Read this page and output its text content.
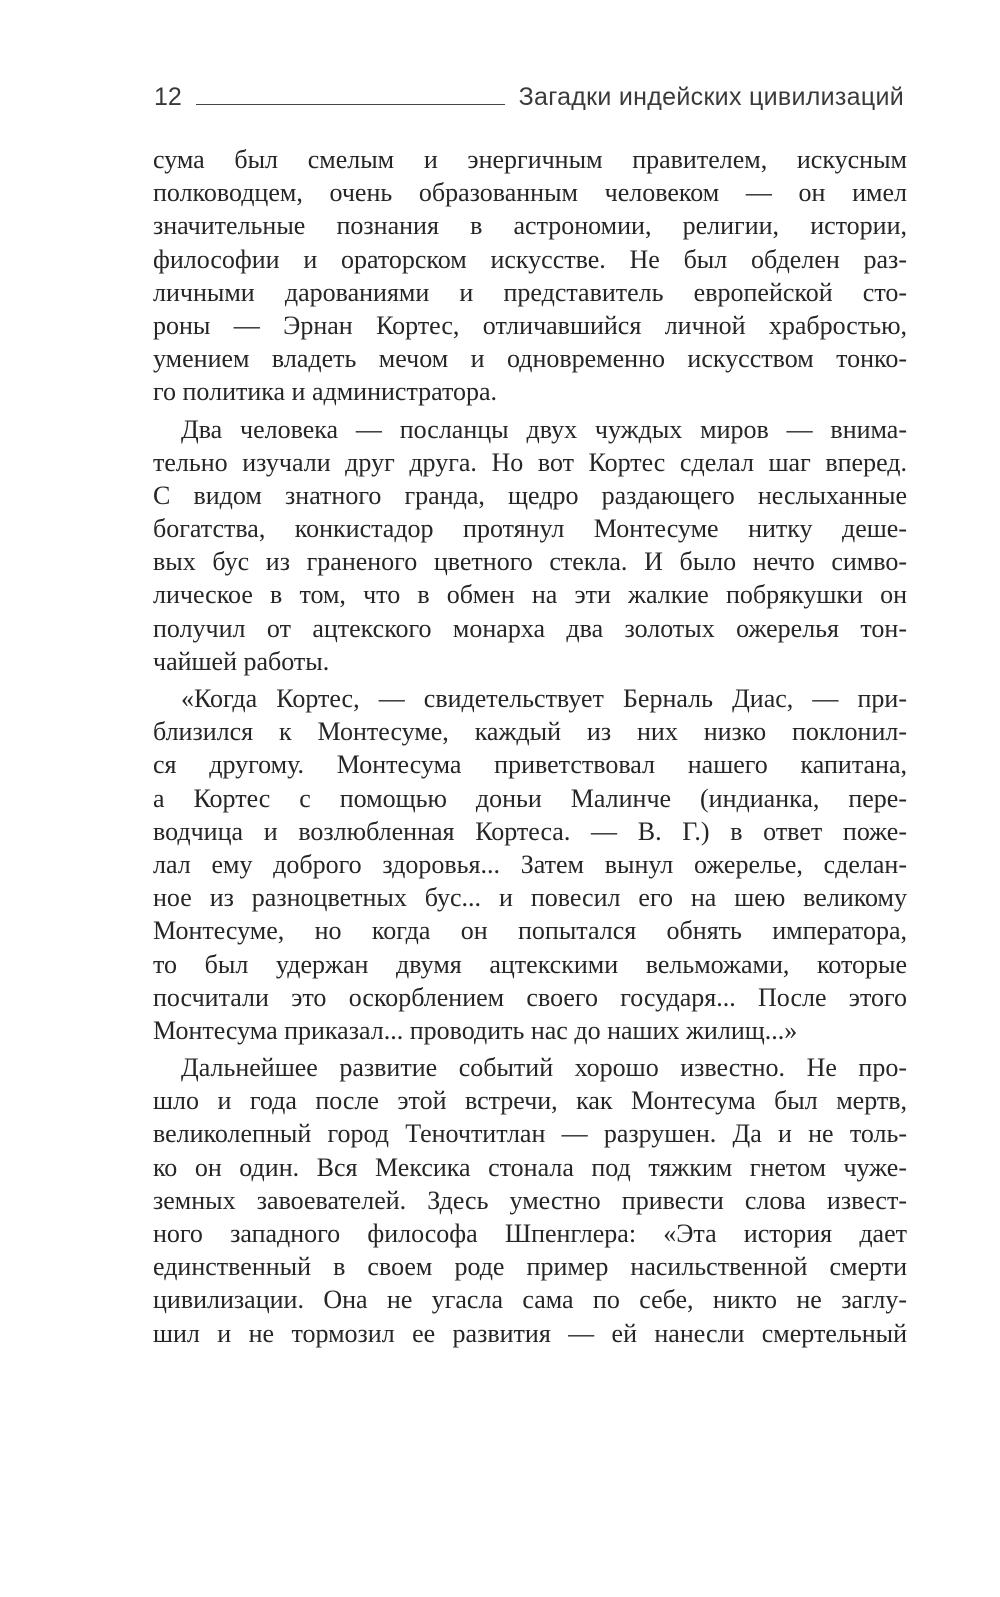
12	Загадки индейских цивилизаций
сума был смелым и энергичным правителем, искусным
полководцем, очень образованным человеком — он имел
значительные познания в астрономии, религии, истории,
философии и ораторском искусстве. Не был обделен раз-
личными дарованиями и представитель европейской сто-
роны — Эрнан Кортес, отличавшийся личной храбростью,
умением владеть мечом и одновременно искусством тонко-
го политика и администратора.
Два человека — посланцы двух чуждых миров — внима-
тельно изучали друг друга. Но вот Кортес сделал шаг вперед.
С видом знатного гранда, щедро раздающего неслыханные
богатства, конкистадор протянул Монтесуме нитку деше-
вых бус из граненого цветного стекла. И было нечто симво-
лическое в том, что в обмен на эти жалкие побрякушки он
получил от ацтекского монарха два золотых ожерелья тон-
чайшей работы.
«Когда Кортес, — свидетельствует Берналь Диас, — при-
близился к Монтесуме, каждый из них низко поклонил-
ся другому. Монтесума приветствовал нашего капитана,
а Кортес с помощью доньи Малинче (индианка, пере-
водчица и возлюбленная Кортеса. — В. Г.) в ответ поже-
лал ему доброго здоровья... Затем вынул ожерелье, сделан-
ное из разноцветных бус... и повесил его на шею великому
Монтесуме, но когда он попытался обнять императора,
то был удержан двумя ацтекскими вельможами, которые
посчитали это оскорблением своего государя... После этого
Монтесума приказал... проводить нас до наших жилищ...»
Дальнейшее развитие событий хорошо известно. Не про-
шло и года после этой встречи, как Монтесума был мертв,
великолепный город Теночтитлан — разрушен. Да и не толь-
ко он один. Вся Мексика стонала под тяжким гнетом чуже-
земных завоевателей. Здесь уместно привести слова извест-
ного западного философа Шпенглера: «Эта история дает
единственный в своем роде пример насильственной смерти
цивилизации. Она не угасла сама по себе, никто не заглу-
шил и не тормозил ее развития — ей нанесли смертельный
